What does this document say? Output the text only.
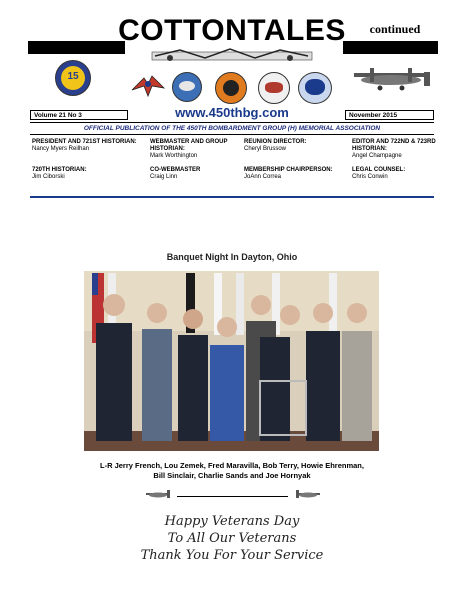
COTTONTALES	continued
15
Volume 21 No 3	www.450thbg.com	November 2015
OFFICIAL PUBLICATION OF THE 450TH BOMBARDMENT GROUP (H) MEMORIAL ASSOCIATION
PRESIDENT AND 721ST HISTORIAN:
Nancy Myers Reilhan
WEBMASTER AND GROUP HISTORIAN:
Mark Worthington
REUNION DIRECTOR:
Cheryl Brussow
EDITOR AND 722ND & 723RD HISTORIAN:
Angel Champagne
720TH HISTORIAN:
Jim Ciborski
CO-WEBMASTER
Craig Linn
MEMBERSHIP CHAIRPERSON:
JoAnn Correa
LEGAL COUNSEL:
Chris Conwin
Banquet Night In Dayton, Ohio
L-R Jerry French, Lou Zemek, Fred Maravilla, Bob Terry, Howie Ehrenman,
Bill Sinclair, Charlie Sands and Joe Hornyak
Happy Veterans Day
To All Our Veterans
Thank You For Your Service
